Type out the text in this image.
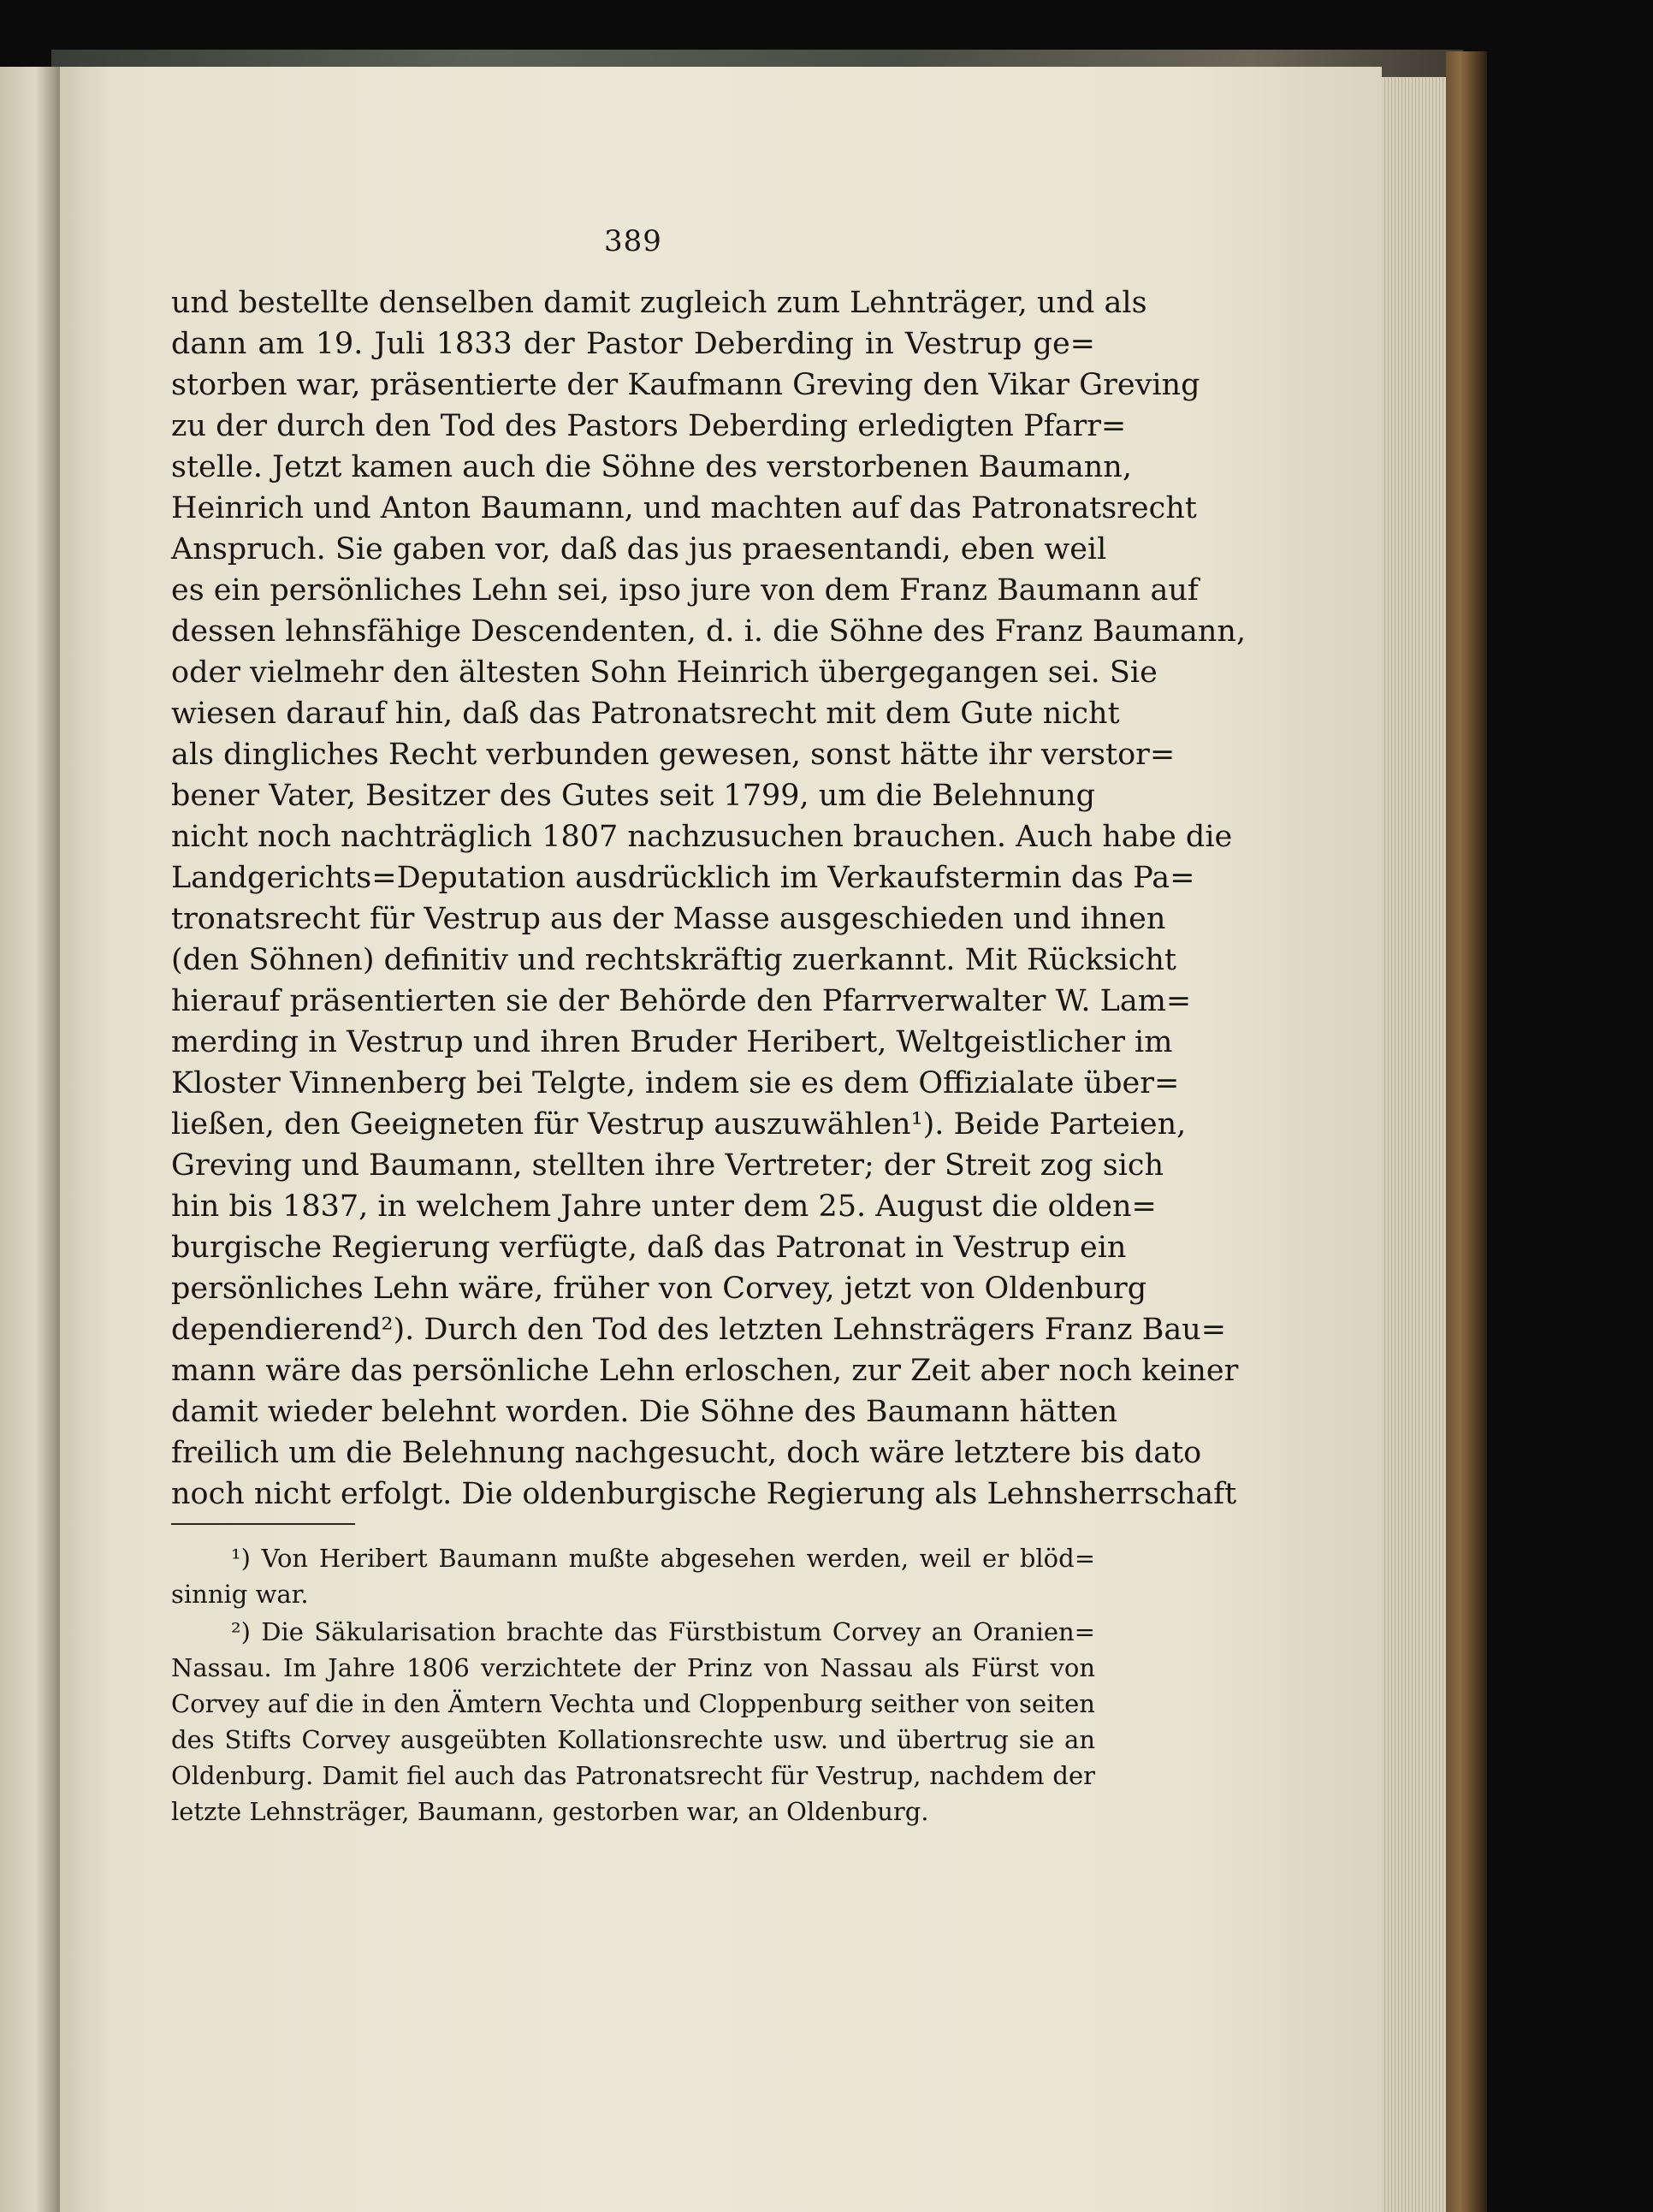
389
und bestellte denselben damit zugleich zum Lehnträger, und als
dann am 19. Juli 1833 der Pastor Deberding in Vestrup ge=
storben war, präsentierte der Kaufmann Greving den Vikar Greving
zu der durch den Tod des Pastors Deberding erledigten Pfarr=
stelle. Jetzt kamen auch die Söhne des verstorbenen Baumann,
Heinrich und Anton Baumann, und machten auf das Patronatsrecht
Anspruch. Sie gaben vor, daß das jus praesentandi, eben weil
es ein persönliches Lehn sei, ipso jure von dem Franz Baumann auf
dessen lehnsfähige Descendenten, d. i. die Söhne des Franz Baumann,
oder vielmehr den ältesten Sohn Heinrich übergegangen sei. Sie
wiesen darauf hin, daß das Patronatsrecht mit dem Gute nicht
als dingliches Recht verbunden gewesen, sonst hätte ihr verstor=
bener Vater, Besitzer des Gutes seit 1799, um die Belehnung
nicht noch nachträglich 1807 nachzusuchen brauchen. Auch habe die
Landgerichts=Deputation ausdrücklich im Verkaufstermin das Pa=
tronatsrecht für Vestrup aus der Masse ausgeschieden und ihnen
(den Söhnen) definitiv und rechtskräftig zuerkannt. Mit Rücksicht
hierauf präsentierten sie der Behörde den Pfarrverwalter W. Lam=
merding in Vestrup und ihren Bruder Heribert, Weltgeistlicher im
Kloster Vinnenberg bei Telgte, indem sie es dem Offizialate über=
ließen, den Geeigneten für Vestrup auszuwählen¹). Beide Parteien,
Greving und Baumann, stellten ihre Vertreter; der Streit zog sich
hin bis 1837, in welchem Jahre unter dem 25. August die olden=
burgische Regierung verfügte, daß das Patronat in Vestrup ein
persönliches Lehn wäre, früher von Corvey, jetzt von Oldenburg
dependierend²). Durch den Tod des letzten Lehnsträgers Franz Bau=
mann wäre das persönliche Lehn erloschen, zur Zeit aber noch keiner
damit wieder belehnt worden. Die Söhne des Baumann hätten
freilich um die Belehnung nachgesucht, doch wäre letztere bis dato
noch nicht erfolgt. Die oldenburgische Regierung als Lehnsherrschaft
¹) Von Heribert Baumann mußte abgesehen werden, weil er blöd=
sinnig war.
²) Die Säkularisation brachte das Fürstbistum Corvey an Oranien=
Nassau. Im Jahre 1806 verzichtete der Prinz von Nassau als Fürst von
Corvey auf die in den Ämtern Vechta und Cloppenburg seither von seiten
des Stifts Corvey ausgeübten Kollationsrechte usw. und übertrug sie an
Oldenburg. Damit fiel auch das Patronatsrecht für Vestrup, nachdem der
letzte Lehnsträger, Baumann, gestorben war, an Oldenburg.
